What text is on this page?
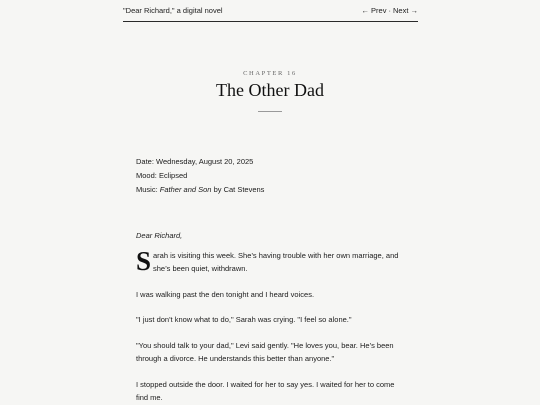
"Dear Richard," a digital novel	← Prev · Next →
CHAPTER 16
The Other Dad
Date: Wednesday, August 20, 2025
Mood: Eclipsed
Music: Father and Son by Cat Stevens

Dear Richard,

S arah is visiting this week. She’s having trouble with her own marriage, and she’s been quiet, withdrawn.

I was walking past the den tonight and I heard voices.

"I just don't know what to do," Sarah was crying. "I feel so alone."

"You should talk to your dad," Levi said gently. "He loves you, bear. He’s been through a divorce. He understands this better than anyone."

I stopped outside the door. I waited for her to say yes. I waited for her to come find me.
